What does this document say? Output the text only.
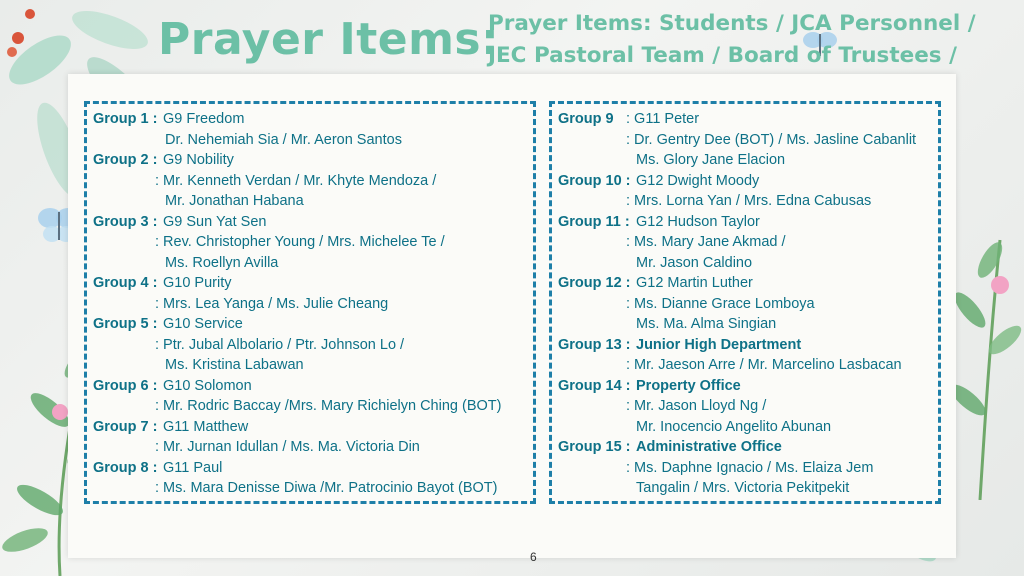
Prayer Items:
Prayer Items: Students / JCA Personnel / JEC Pastoral Team / Board of Trustees /
Group 1 : G9 Freedom
Dr. Nehemiah Sia / Mr. Aeron Santos
Group 2 : G9 Nobility
: Mr. Kenneth Verdan / Mr. Khyte Mendoza /
Mr. Jonathan Habana
Group 3 : G9 Sun Yat Sen
: Rev. Christopher Young / Mrs. Michelee Te /
Ms. Roellyn Avilla
Group 4 : G10 Purity
: Mrs. Lea Yanga / Ms. Julie Cheang
Group 5 : G10 Service
: Ptr. Jubal Albolario / Ptr. Johnson Lo /
Ms. Kristina Labawan
Group 6 : G10 Solomon
: Mr. Rodric Baccay /Mrs. Mary Richielyn Ching (BOT)
Group 7 : G11 Matthew
: Mr. Jurnan Idullan / Ms. Ma. Victoria Din
Group 8 : G11 Paul
: Ms. Mara Denisse Diwa /Mr. Patrocinio Bayot (BOT)
Group 9 : G11 Peter
: Dr. Gentry Dee (BOT) / Ms. Jasline Cabanlit
Ms. Glory Jane Elacion
Group 10 : G12 Dwight Moody
: Mrs. Lorna Yan / Mrs. Edna Cabusas
Group 11 : G12 Hudson Taylor
: Ms. Mary Jane Akmad /
Mr. Jason Caldino
Group 12 : G12 Martin Luther
: Ms. Dianne Grace Lomboya
Ms. Ma. Alma Singian
Group 13 : Junior High Department
: Mr. Jaeson Arre / Mr. Marcelino Lasbacan
Group 14 : Property Office
: Mr. Jason Lloyd Ng /
Mr. Inocencio Angelito Abunan
Group 15 : Administrative Office
: Ms. Daphne Ignacio / Ms. Elaiza Jem
Tangalin / Mrs. Victoria Pekitpekit
6
